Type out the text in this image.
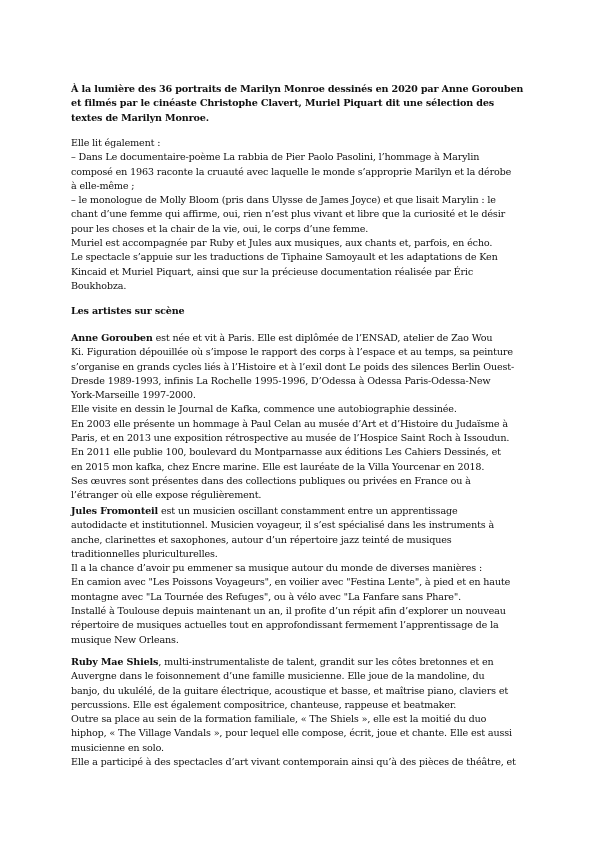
À la lumière des 36 portraits de Marilyn Monroe dessinés en 2020 par Anne Gorouben
et filmés par le cinéaste Christophe Clavert, Muriel Piquart dit une sélection des
textes de Marilyn Monroe.
Elle lit également :
– Dans Le documentaire-poème La rabbia de Pier Paolo Pasolini, l’hommage à Marylin
composé en 1963 raconte la cruauté avec laquelle le monde s’approprie Marilyn et la dérobe
à elle-même ;
– le monologue de Molly Bloom (pris dans Ulysse de James Joyce) et que lisait Marylin : le
chant d’une femme qui affirme, oui, rien n’est plus vivant et libre que la curiosité et le désir
pour les choses et la chair de la vie, oui, le corps d’une femme.
Muriel est accompagnée par Ruby et Jules aux musiques, aux chants et, parfois, en écho.
Le spectacle s’appuie sur les traductions de Tiphaine Samoyault et les adaptations de Ken
Kincaid et Muriel Piquart, ainsi que sur la précieuse documentation réalisée par Éric
Boukhobza.
Les artistes sur scène
Anne Gorouben est née et vit à Paris. Elle est diplômée de l’ENSAD, atelier de Zao Wou
Ki. Figuration dépouillée où s’impose le rapport des corps à l’espace et au temps, sa peinture
s’organise en grands cycles liés à l’Histoire et à l’exil dont Le poids des silences Berlin Ouest-
Dresde 1989-1993, infinis La Rochelle 1995-1996, D’Odessa à Odessa Paris-Odessa-New
York-Marseille 1997-2000.
Elle visite en dessin le Journal de Kafka, commence une autobiographie dessinée.
En 2003 elle présente un hommage à Paul Celan au musée d’Art et d’Histoire du Judaïsme à
Paris, et en 2013 une exposition rétrospective au musée de l’Hospice Saint Roch à Issoudun.
En 2011 elle publie 100, boulevard du Montparnasse aux éditions Les Cahiers Dessinés, et
en 2015 mon kafka, chez Encre marine. Elle est lauréate de la Villa Yourcenar en 2018.
Ses œuvres sont présentes dans des collections publiques ou privées en France ou à
l’étranger où elle expose régulièrement.
Jules Fromonteil est un musicien oscillant constamment entre un apprentissage
autodidacte et institutionnel. Musicien voyageur, il s’est spécialisé dans les instruments à
anche, clarinettes et saxophones, autour d’un répertoire jazz teinté de musiques
traditionnelles pluriculturelles.
Il a la chance d’avoir pu emmener sa musique autour du monde de diverses manières :
En camion avec "Les Poissons Voyageurs", en voilier avec "Festina Lente", à pied et en haute
montagne avec "La Tournée des Refuges", ou à vélo avec "La Fanfare sans Phare".
Installé à Toulouse depuis maintenant un an, il profite d’un répit afin d’explorer un nouveau
répertoire de musiques actuelles tout en approfondissant fermement l’apprentissage de la
musique New Orleans.
Ruby Mae Shiels, multi-instrumentaliste de talent, grandit sur les côtes bretonnes et en
Auvergne dans le foisonnement d’une famille musicienne. Elle joue de la mandoline, du
banjo, du ukulélé, de la guitare électrique, acoustique et basse, et maîtrise piano, claviers et
percussions. Elle est également compositrice, chanteuse, rappeuse et beatmaker.
Outre sa place au sein de la formation familiale, « The Shiels », elle est la moitié du duo
hiphop, « The Village Vandals », pour lequel elle compose, écrit, joue et chante. Elle est aussi
musicienne en solo.
Elle a participé à des spectacles d’art vivant contemporain ainsi qu’à des pièces de théâtre, et
